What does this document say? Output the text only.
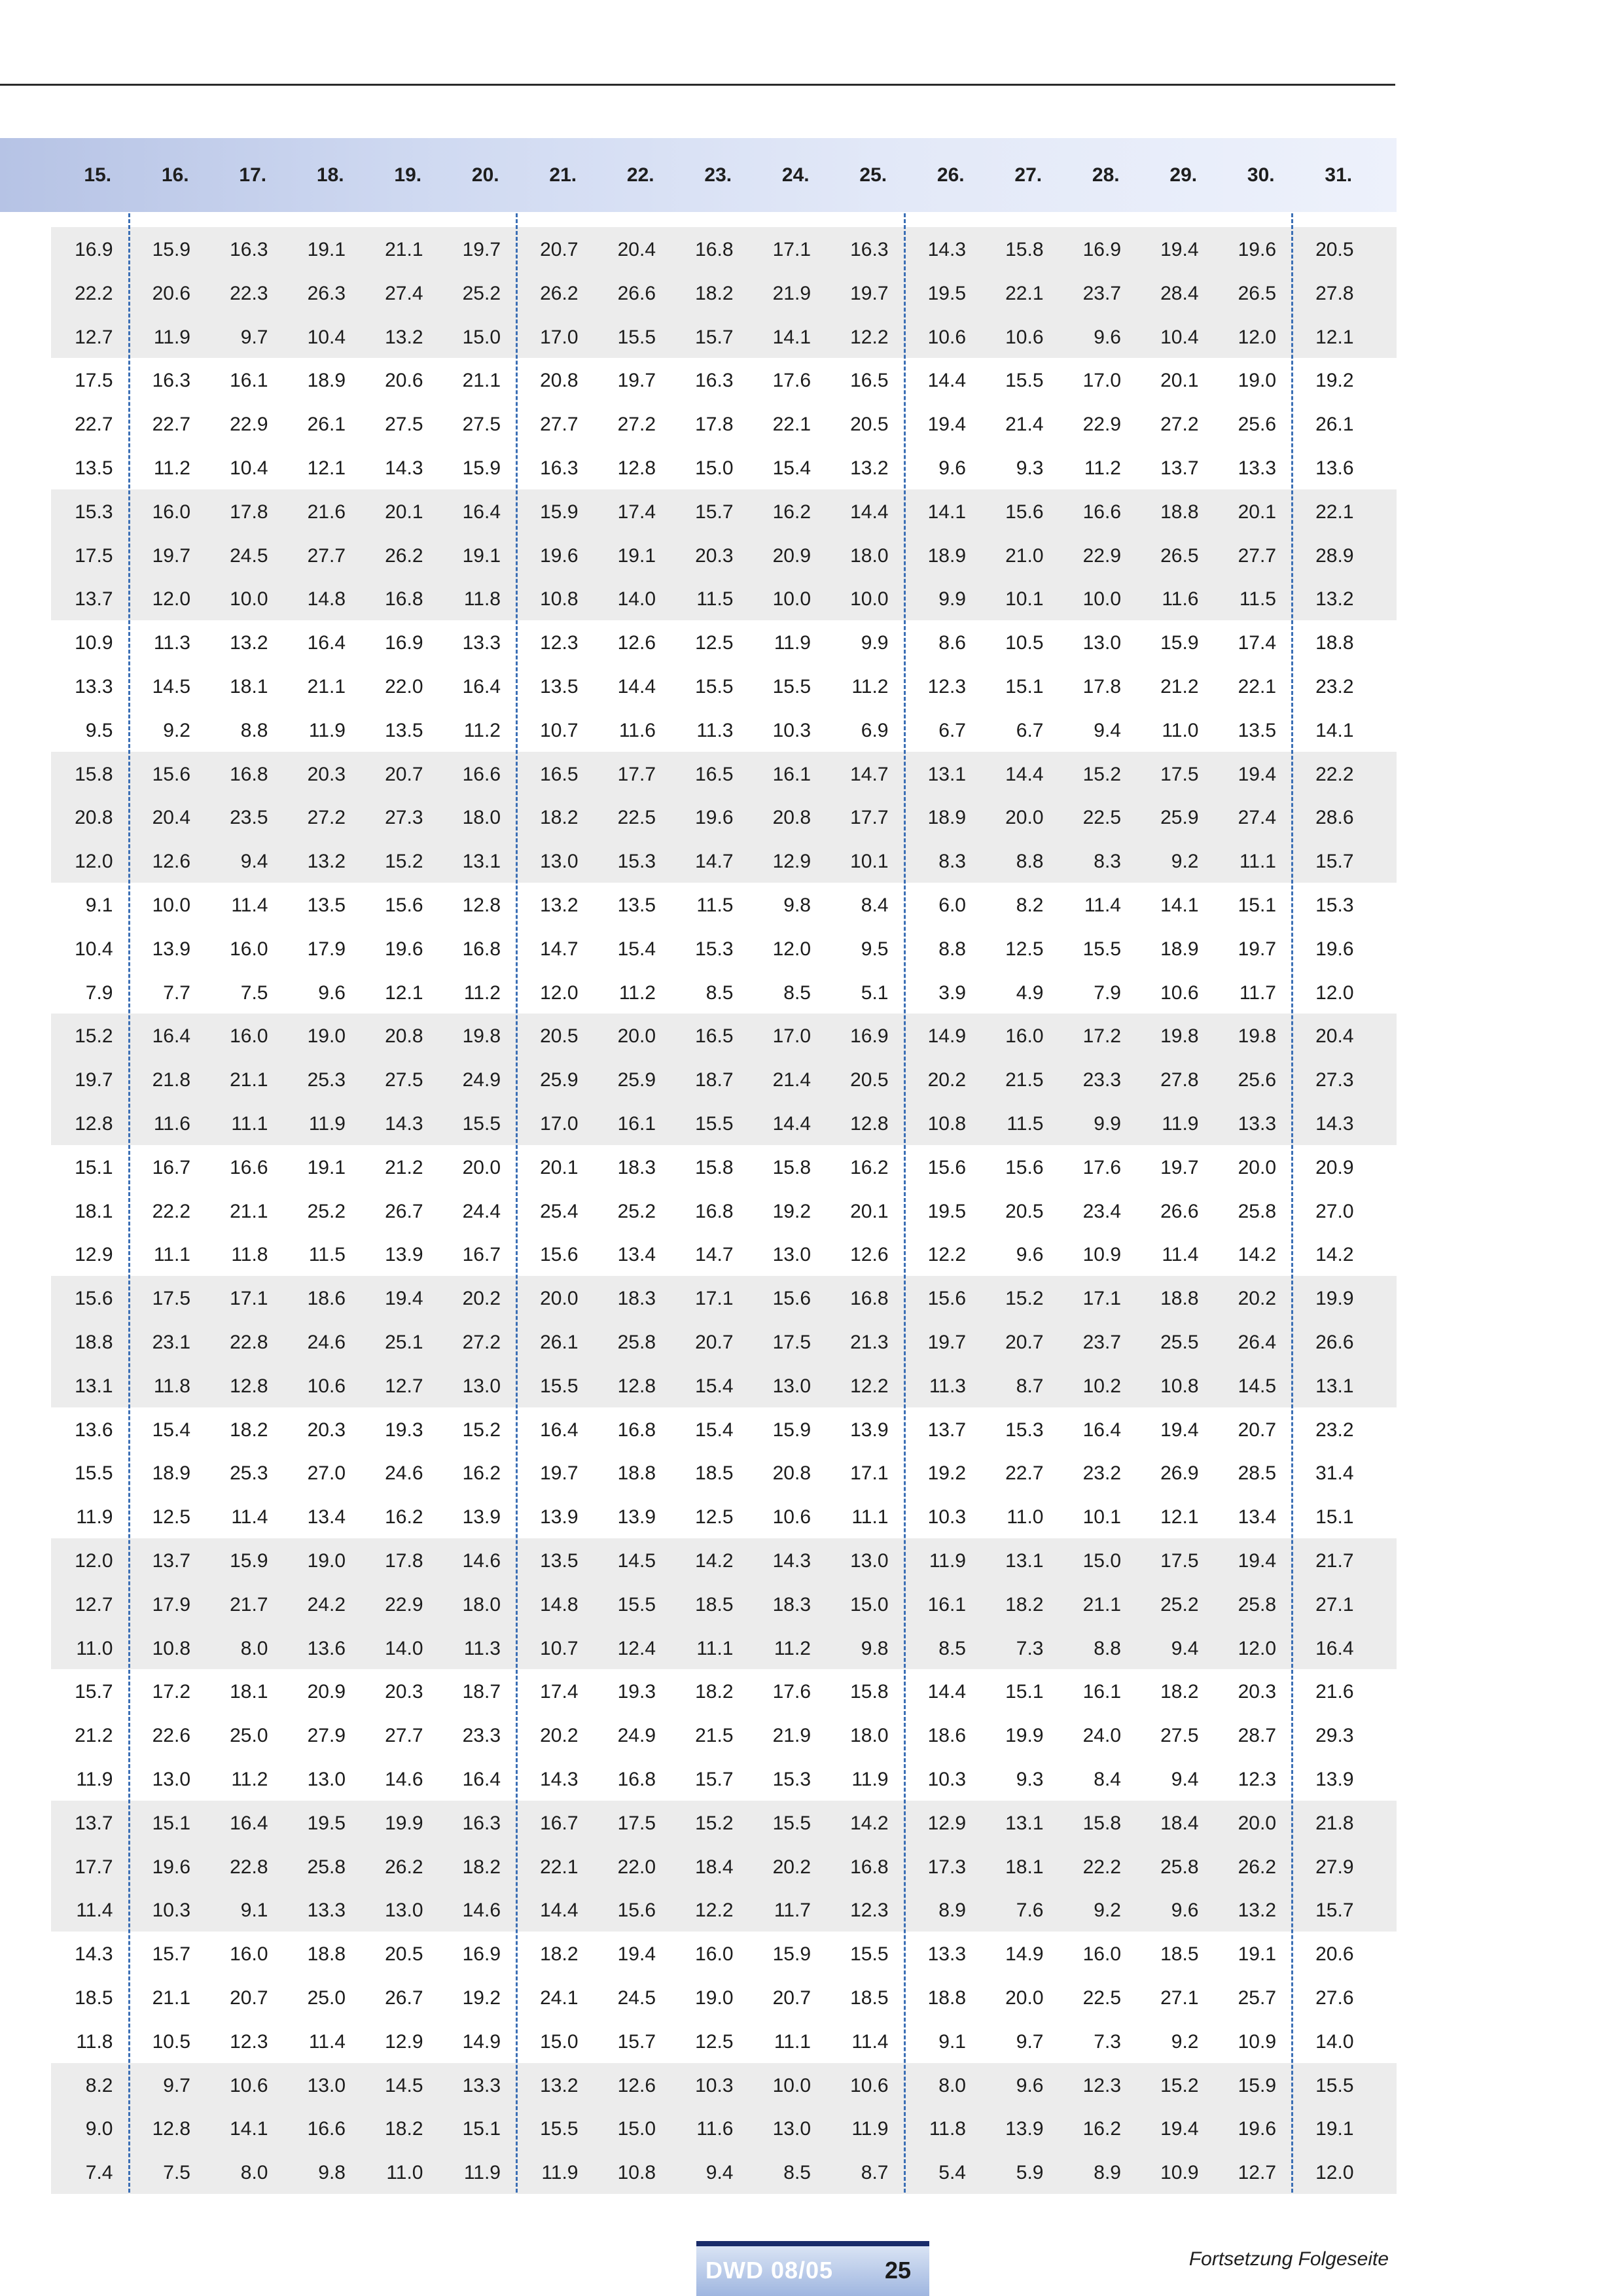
15.	16.	17.	18.	19.	20.	21.	22.	23.	24.	25.	26.	27.	28.	29.	30.	31.
16.9	15.9	16.3	19.1	21.1	19.7	20.7	20.4	16.8	17.1	16.3	14.3	15.8	16.9	19.4	19.6	20.5
22.2	20.6	22.3	26.3	27.4	25.2	26.2	26.6	18.2	21.9	19.7	19.5	22.1	23.7	28.4	26.5	27.8
12.7	11.9	9.7	10.4	13.2	15.0	17.0	15.5	15.7	14.1	12.2	10.6	10.6	9.6	10.4	12.0	12.1
17.5	16.3	16.1	18.9	20.6	21.1	20.8	19.7	16.3	17.6	16.5	14.4	15.5	17.0	20.1	19.0	19.2
22.7	22.7	22.9	26.1	27.5	27.5	27.7	27.2	17.8	22.1	20.5	19.4	21.4	22.9	27.2	25.6	26.1
13.5	11.2	10.4	12.1	14.3	15.9	16.3	12.8	15.0	15.4	13.2	9.6	9.3	11.2	13.7	13.3	13.6
15.3	16.0	17.8	21.6	20.1	16.4	15.9	17.4	15.7	16.2	14.4	14.1	15.6	16.6	18.8	20.1	22.1
17.5	19.7	24.5	27.7	26.2	19.1	19.6	19.1	20.3	20.9	18.0	18.9	21.0	22.9	26.5	27.7	28.9
13.7	12.0	10.0	14.8	16.8	11.8	10.8	14.0	11.5	10.0	10.0	9.9	10.1	10.0	11.6	11.5	13.2
10.9	11.3	13.2	16.4	16.9	13.3	12.3	12.6	12.5	11.9	9.9	8.6	10.5	13.0	15.9	17.4	18.8
13.3	14.5	18.1	21.1	22.0	16.4	13.5	14.4	15.5	15.5	11.2	12.3	15.1	17.8	21.2	22.1	23.2
9.5	9.2	8.8	11.9	13.5	11.2	10.7	11.6	11.3	10.3	6.9	6.7	6.7	9.4	11.0	13.5	14.1
15.8	15.6	16.8	20.3	20.7	16.6	16.5	17.7	16.5	16.1	14.7	13.1	14.4	15.2	17.5	19.4	22.2
20.8	20.4	23.5	27.2	27.3	18.0	18.2	22.5	19.6	20.8	17.7	18.9	20.0	22.5	25.9	27.4	28.6
12.0	12.6	9.4	13.2	15.2	13.1	13.0	15.3	14.7	12.9	10.1	8.3	8.8	8.3	9.2	11.1	15.7
9.1	10.0	11.4	13.5	15.6	12.8	13.2	13.5	11.5	9.8	8.4	6.0	8.2	11.4	14.1	15.1	15.3
10.4	13.9	16.0	17.9	19.6	16.8	14.7	15.4	15.3	12.0	9.5	8.8	12.5	15.5	18.9	19.7	19.6
7.9	7.7	7.5	9.6	12.1	11.2	12.0	11.2	8.5	8.5	5.1	3.9	4.9	7.9	10.6	11.7	12.0
15.2	16.4	16.0	19.0	20.8	19.8	20.5	20.0	16.5	17.0	16.9	14.9	16.0	17.2	19.8	19.8	20.4
19.7	21.8	21.1	25.3	27.5	24.9	25.9	25.9	18.7	21.4	20.5	20.2	21.5	23.3	27.8	25.6	27.3
12.8	11.6	11.1	11.9	14.3	15.5	17.0	16.1	15.5	14.4	12.8	10.8	11.5	9.9	11.9	13.3	14.3
15.1	16.7	16.6	19.1	21.2	20.0	20.1	18.3	15.8	15.8	16.2	15.6	15.6	17.6	19.7	20.0	20.9
18.1	22.2	21.1	25.2	26.7	24.4	25.4	25.2	16.8	19.2	20.1	19.5	20.5	23.4	26.6	25.8	27.0
12.9	11.1	11.8	11.5	13.9	16.7	15.6	13.4	14.7	13.0	12.6	12.2	9.6	10.9	11.4	14.2	14.2
15.6	17.5	17.1	18.6	19.4	20.2	20.0	18.3	17.1	15.6	16.8	15.6	15.2	17.1	18.8	20.2	19.9
18.8	23.1	22.8	24.6	25.1	27.2	26.1	25.8	20.7	17.5	21.3	19.7	20.7	23.7	25.5	26.4	26.6
13.1	11.8	12.8	10.6	12.7	13.0	15.5	12.8	15.4	13.0	12.2	11.3	8.7	10.2	10.8	14.5	13.1
13.6	15.4	18.2	20.3	19.3	15.2	16.4	16.8	15.4	15.9	13.9	13.7	15.3	16.4	19.4	20.7	23.2
15.5	18.9	25.3	27.0	24.6	16.2	19.7	18.8	18.5	20.8	17.1	19.2	22.7	23.2	26.9	28.5	31.4
11.9	12.5	11.4	13.4	16.2	13.9	13.9	13.9	12.5	10.6	11.1	10.3	11.0	10.1	12.1	13.4	15.1
12.0	13.7	15.9	19.0	17.8	14.6	13.5	14.5	14.2	14.3	13.0	11.9	13.1	15.0	17.5	19.4	21.7
12.7	17.9	21.7	24.2	22.9	18.0	14.8	15.5	18.5	18.3	15.0	16.1	18.2	21.1	25.2	25.8	27.1
11.0	10.8	8.0	13.6	14.0	11.3	10.7	12.4	11.1	11.2	9.8	8.5	7.3	8.8	9.4	12.0	16.4
15.7	17.2	18.1	20.9	20.3	18.7	17.4	19.3	18.2	17.6	15.8	14.4	15.1	16.1	18.2	20.3	21.6
21.2	22.6	25.0	27.9	27.7	23.3	20.2	24.9	21.5	21.9	18.0	18.6	19.9	24.0	27.5	28.7	29.3
11.9	13.0	11.2	13.0	14.6	16.4	14.3	16.8	15.7	15.3	11.9	10.3	9.3	8.4	9.4	12.3	13.9
13.7	15.1	16.4	19.5	19.9	16.3	16.7	17.5	15.2	15.5	14.2	12.9	13.1	15.8	18.4	20.0	21.8
17.7	19.6	22.8	25.8	26.2	18.2	22.1	22.0	18.4	20.2	16.8	17.3	18.1	22.2	25.8	26.2	27.9
11.4	10.3	9.1	13.3	13.0	14.6	14.4	15.6	12.2	11.7	12.3	8.9	7.6	9.2	9.6	13.2	15.7
14.3	15.7	16.0	18.8	20.5	16.9	18.2	19.4	16.0	15.9	15.5	13.3	14.9	16.0	18.5	19.1	20.6
18.5	21.1	20.7	25.0	26.7	19.2	24.1	24.5	19.0	20.7	18.5	18.8	20.0	22.5	27.1	25.7	27.6
11.8	10.5	12.3	11.4	12.9	14.9	15.0	15.7	12.5	11.1	11.4	9.1	9.7	7.3	9.2	10.9	14.0
8.2	9.7	10.6	13.0	14.5	13.3	13.2	12.6	10.3	10.0	10.6	8.0	9.6	12.3	15.2	15.9	15.5
9.0	12.8	14.1	16.6	18.2	15.1	15.5	15.0	11.6	13.0	11.9	11.8	13.9	16.2	19.4	19.6	19.1
7.4	7.5	8.0	9.8	11.0	11.9	11.9	10.8	9.4	8.5	8.7	5.4	5.9	8.9	10.9	12.7	12.0
Fortsetzung Folgeseite
DWD 08/05 25
